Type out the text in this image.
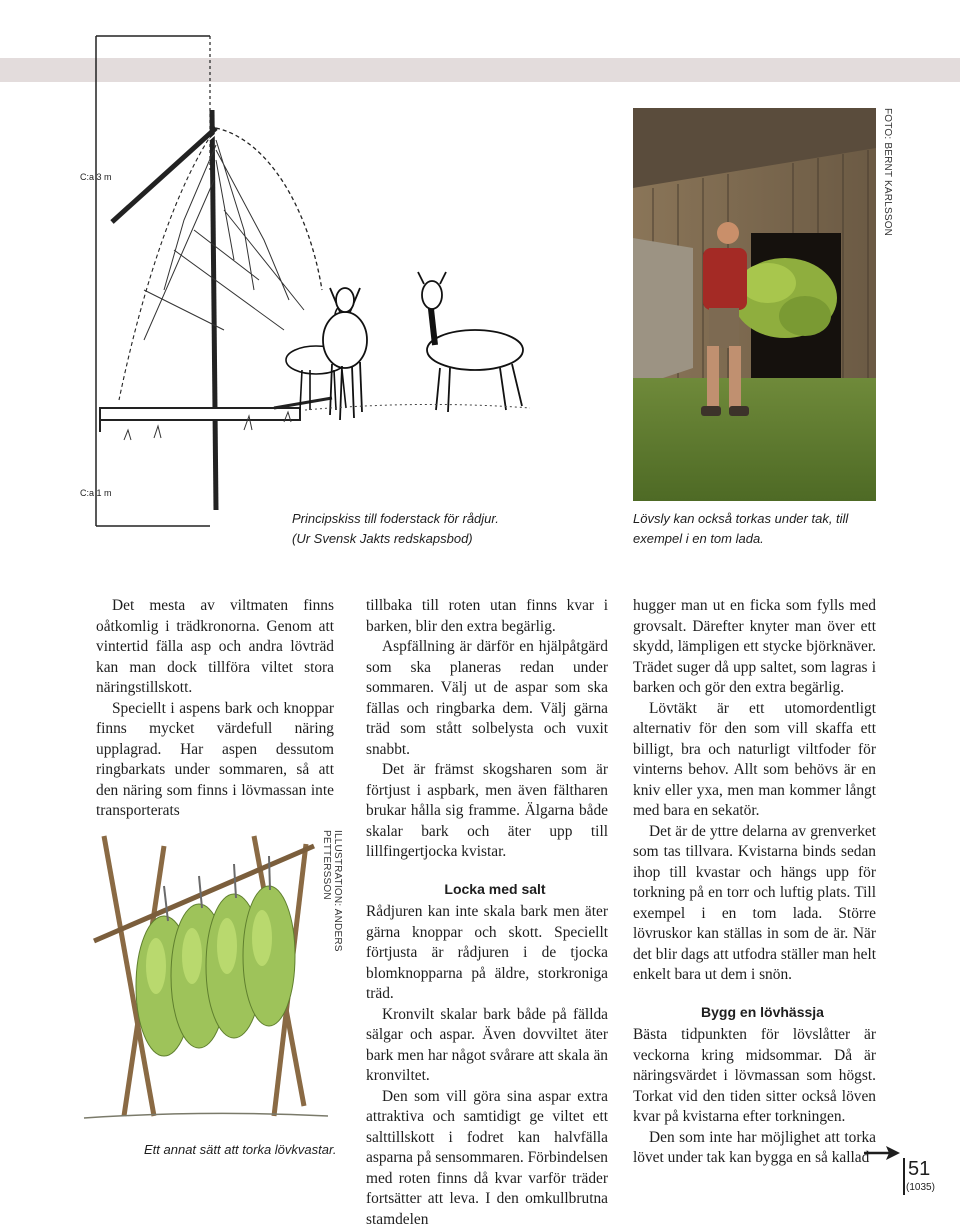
C:a 3 m
C:a 1 m
Principskiss till foderstack för rådjur.
(Ur Svensk Jakts redskapsbod)
FOTO: BERNT KARLSSON
Lövsly kan också torkas under tak, till
exempel i en tom lada.

Det mesta av viltmaten finns oåtkomlig i trädkronorna. Genom att vintertid fälla asp och andra lövträd kan man dock tillföra viltet stora näringstillskott.

Speciellt i aspens bark och knoppar finns mycket värdefull näring upplagrad. Har aspen dessutom ringbarkats under sommaren, så att den näring som finns i lövmassan inte transporterats

ILLUSTRATION: ANDERS PETTERSSON
Ett annat sätt att torka lövkvastar.

tillbaka till roten utan finns kvar i barken, blir den extra begärlig.

Aspfällning är därför en hjälpåtgärd som ska planeras redan under sommaren. Välj ut de aspar som ska fällas och ringbarka dem. Välj gärna träd som stått solbelysta och vuxit snabbt.

Det är främst skogsharen som är förtjust i aspbark, men även fältharen brukar hålla sig framme. Älgarna både skalar bark och äter upp till lillfingertjocka kvistar.

Locka med salt

Rådjuren kan inte skala bark men äter gärna knoppar och skott. Speciellt förtjusta är rådjuren i de tjocka blomknopparna på äldre, storkroniga träd.

Kronvilt skalar bark både på fällda sälgar och aspar. Även dovviltet äter bark men har något svårare att skala än kronviltet.

Den som vill göra sina aspar extra attraktiva och samtidigt ge viltet ett salttillskott i fodret kan halvfälla asparna på sensommaren. Förbindelsen med roten finns då kvar varför träder fortsätter att leva. I den omkullbrutna stamdelen

hugger man ut en ficka som fylls med grovsalt. Därefter knyter man över ett skydd, lämpligen ett stycke björknäver. Trädet suger då upp saltet, som lagras i barken och gör den extra begärlig.

Lövtäkt är ett utomordentligt alternativ för den som vill skaffa ett billigt, bra och naturligt viltfoder för vinterns behov. Allt som behövs är en kniv eller yxa, men man kommer långt med bara en sekatör.

Det är de yttre delarna av grenverket som tas tillvara. Kvistarna binds sedan ihop till kvastar och hängs upp för torkning på en torr och luftig plats. Till exempel i en tom lada. Större lövruskor kan ställas in som de är. När det blir dags att utfodra ställer man helt enkelt bara ut dem i snön.

Bygg en lövhässja

Bästa tidpunkten för lövslåtter är veckorna kring midsommar. Då är näringsvärdet i lövmassan som högst. Torkat vid den tiden sitter också löven kvar på kvistarna efter torkningen.

Den som inte har möjlighet att torka lövet under tak kan bygga en så kallad

51
(1035)
